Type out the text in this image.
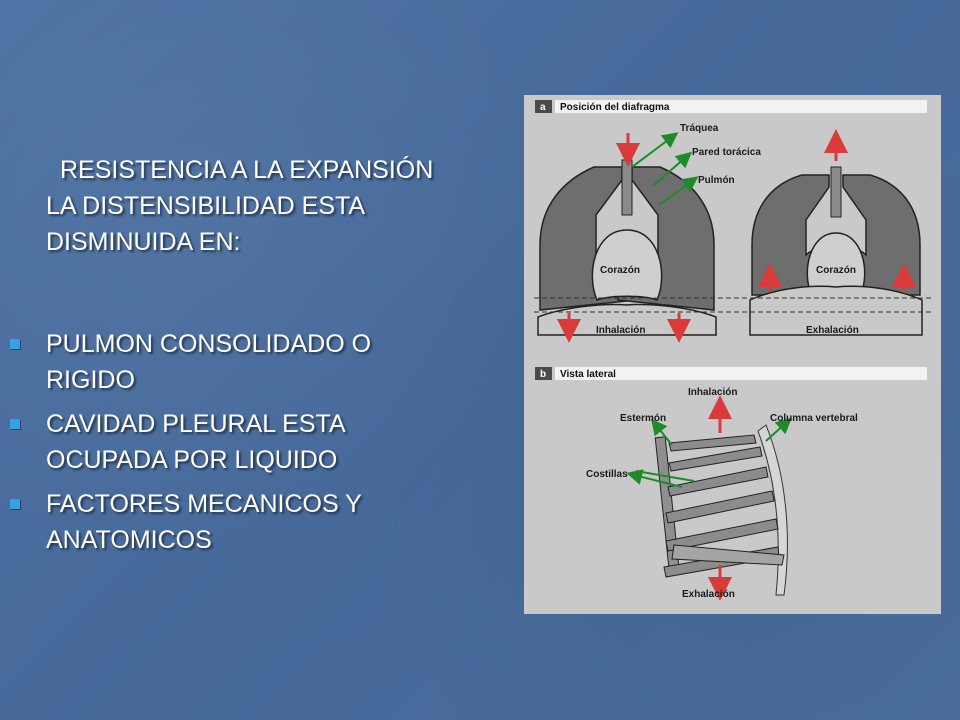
RESISTENCIA A LA EXPANSIÓN
LA DISTENSIBILIDAD ESTA
DISMINUIDA EN:
PULMON CONSOLIDADO O
RIGIDO
CAVIDAD PLEURAL ESTA
OCUPADA POR LIQUIDO
FACTORES MECANICOS Y
ANATOMICOS
a Posición del diafragma
Corazón	Corazón
Tráquea
Pared torácica
Pulmón
Inhalación	Exhalación
b Vista lateral
Inhalación
Estermón	Columna vertebral
Costillas
Exhalación
